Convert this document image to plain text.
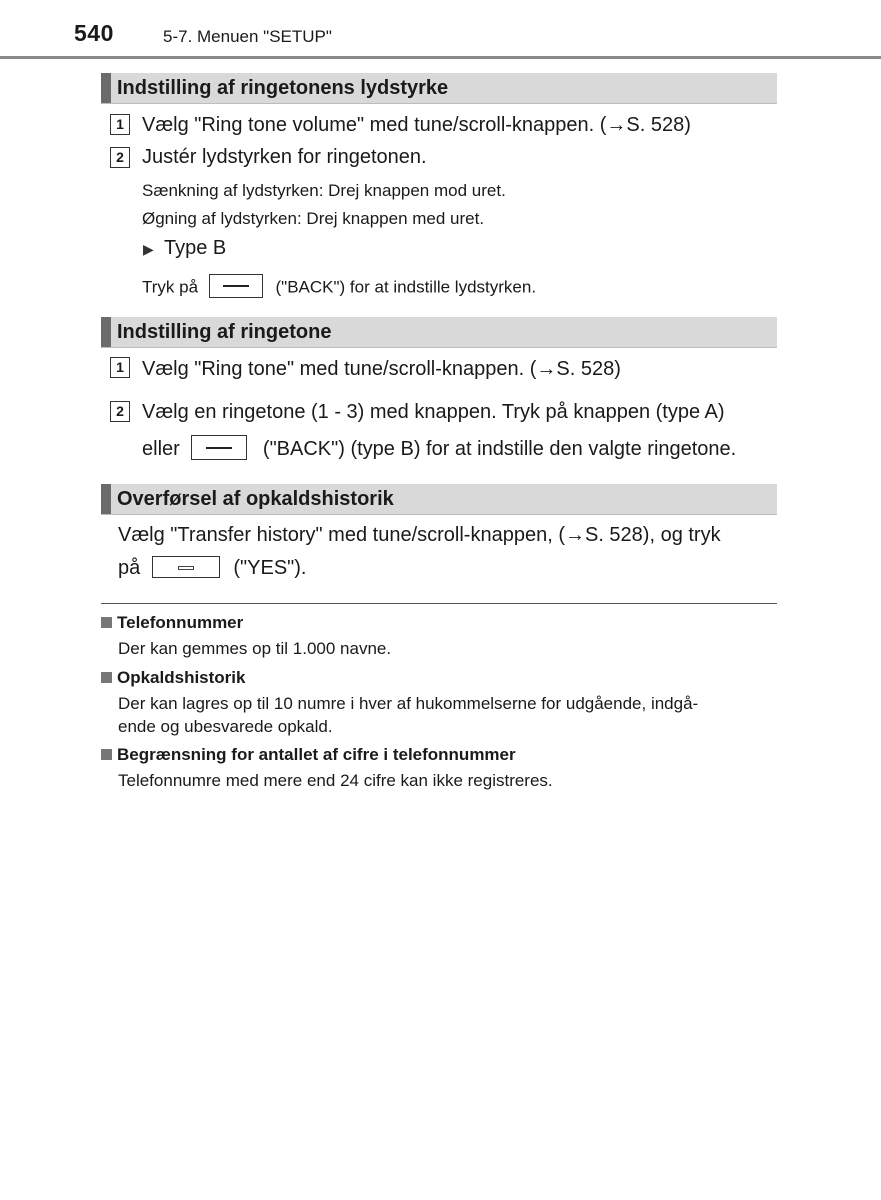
540	5-7. Menuen "SETUP"
Indstilling af ringetonens lydstyrke
1 Vælg "Ring tone volume" med tune/scroll-knappen. (→S. 528)
2 Justér lydstyrken for ringetonen.
Sænkning af lydstyrken: Drej knappen mod uret.
Øgning af lydstyrken: Drej knappen med uret.
▶ Type B
Tryk på	("BACK") for at indstille lydstyrken.
Indstilling af ringetone
1 Vælg "Ring tone" med tune/scroll-knappen. (→S. 528)
2 Vælg en ringetone (1 - 3) med knappen. Tryk på knappen (type A)
eller	("BACK") (type B) for at indstille den valgte ringetone.
Overførsel af opkaldshistorik
Vælg "Transfer history" med tune/scroll-knappen, (→S. 528), og tryk
på	("YES").
Telefonnummer
Der kan gemmes op til 1.000 navne.
Opkaldshistorik
Der kan lagres op til 10 numre i hver af hukommelserne for udgående, indgå-
ende og ubesvarede opkald.
Begrænsning for antallet af cifre i telefonnummer
Telefonnumre med mere end 24 cifre kan ikke registreres.
